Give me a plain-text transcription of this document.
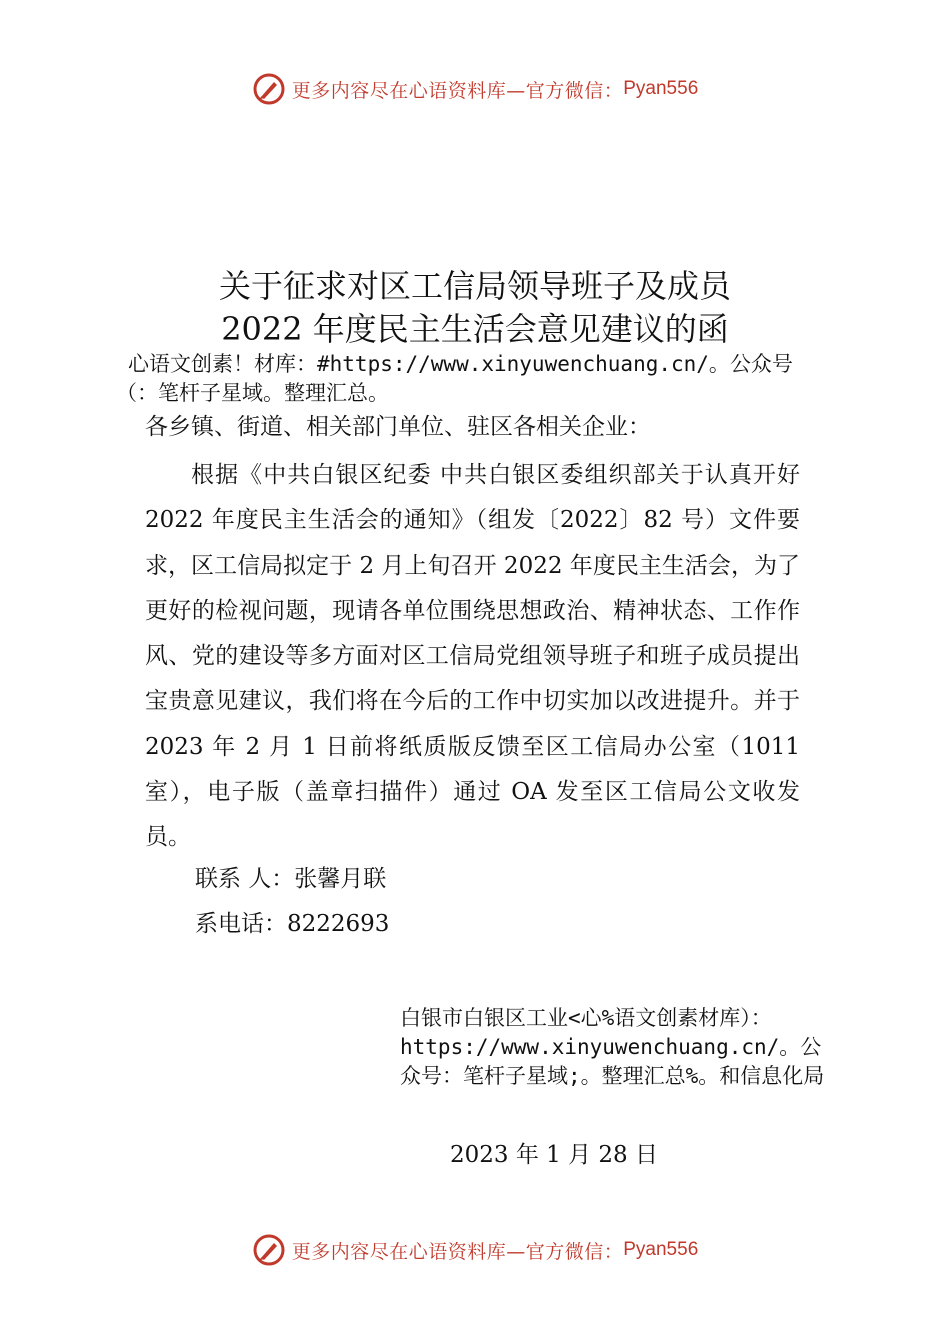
更多内容尽在心语资料库—官方微信： Pyan556
关于征求对区工信局领导班子及成员
2022 年度民主生活会意见建议的函
心语文创素！材库：#https://www.xinyuwenchuang.cn/。公众号
（：笔杆子星域。整理汇总。
各乡镇、街道、相关部门单位、驻区各相关企业：

根据《中共白银区纪委 中共白银区委组织部关于认真开好 2022 年度民主生活会的通知》（组发〔2022〕82 号）文件要求，区工信局拟定于 2 月上旬召开 2022 年度民主生活会，为了更好的检视问题，现请各单位围绕思想政治、精神状态、工作作风、党的建设等多方面对区工信局党组领导班子和班子成员提出宝贵意见建议，我们将在今后的工作中切实加以改进提升。并于 2023 年 2 月 1 日前将纸质版反馈至区工信局办公室（1011 室），电子版（盖章扫描件）通过 OA 发至区工信局公文收发员。

联系 人：张馨月联
系电话：8222693

白银市白银区工业<心%语文创素材库）：https://www.xinyuwenchuang.cn/。公众号：笔杆子星域;。整理汇总%。和信息化局

2023 年 1 月 28 日
更多内容尽在心语资料库—官方微信： Pyan556
